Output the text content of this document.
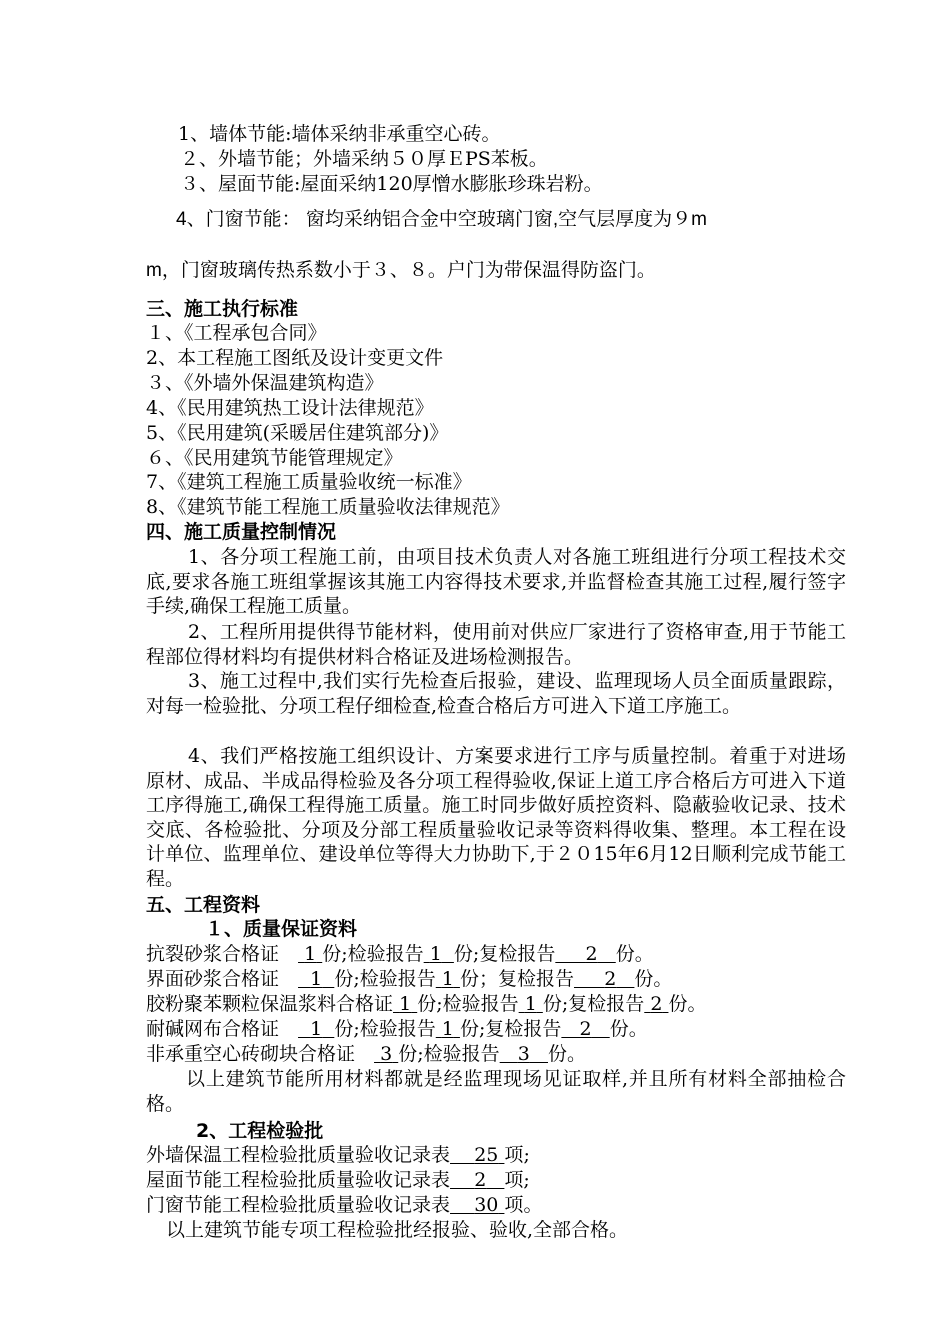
1、墙体节能:墙体采纳非承重空心砖。
２、外墙节能；外墙采纳５０厚ＥPS苯板。
３、屋面节能:屋面采纳120厚憎水膨胀珍珠岩粉。
4、门窗节能： 窗均采纳铝合金中空玻璃门窗,空气层厚度为９m
m，门窗玻璃传热系数小于３、８。户门为带保温得防盗门。
三、施工执行标准
１、《工程承包合同》
2、本工程施工图纸及设计变更文件
３、《外墙外保温建筑构造》
4、《民用建筑热工设计法律规范》
5、《民用建筑(采暖居住建筑部分)》
６、《民用建筑节能管理规定》
7、《建筑工程施工质量验收统一标准》
8、《建筑节能工程施工质量验收法律规范》
四、施工质量控制情况
1、各分项工程施工前，由项目技术负责人对各施工班组进行分项工程技术交底,要求各施工班组掌握该其施工内容得技术要求,并监督检查其施工过程,履行签字手续,确保工程施工质量。
2、工程所用提供得节能材料，使用前对供应厂家进行了资格审查,用于节能工程部位得材料均有提供材料合格证及进场检测报告。
3、施工过程中,我们实行先检查后报验，建设、监理现场人员全面质量跟踪，对每一检验批、分项工程仔细检查,检查合格后方可进入下道工序施工。
4、我们严格按施工组织设计、方案要求进行工序与质量控制。着重于对进场原材、成品、半成品得检验及各分项工程得验收,保证上道工序合格后方可进入下道工序得施工,确保工程得施工质量。施工时同步做好质控资料、隐蔽验收记录、技术交底、各检验批、分项及分部工程质量验收记录等资料得收集、整理。本工程在设计单位、监理单位、建设单位等得大力协助下,于２０15年6月12日顺利完成节能工程。
五、工程资料
１、质量保证资料
抗裂砂浆合格证　 1 份;检验报告 1 份;复检报告 2 份。
界面砂浆合格证　 1 份;检验报告 1 份；复检报告 2 份。
胶粉聚苯颗粒保温浆料合格证 1 份;检验报告 1 份;复检报告 2 份。
耐碱网布合格证　 1 份;检验报告 1 份;复检报告 2 份。
非承重空心砖砌块合格证　 3 份;检验报告 3 份。
以上建筑节能所用材料都就是经监理现场见证取样,并且所有材料全部抽检合格。
2、工程检验批
外墙保温工程检验批质量验收记录表 25 项;
屋面节能工程检验批质量验收记录表 2 项;
门窗节能工程检验批质量验收记录表 30 项。
以上建筑节能专项工程检验批经报验、验收,全部合格。
